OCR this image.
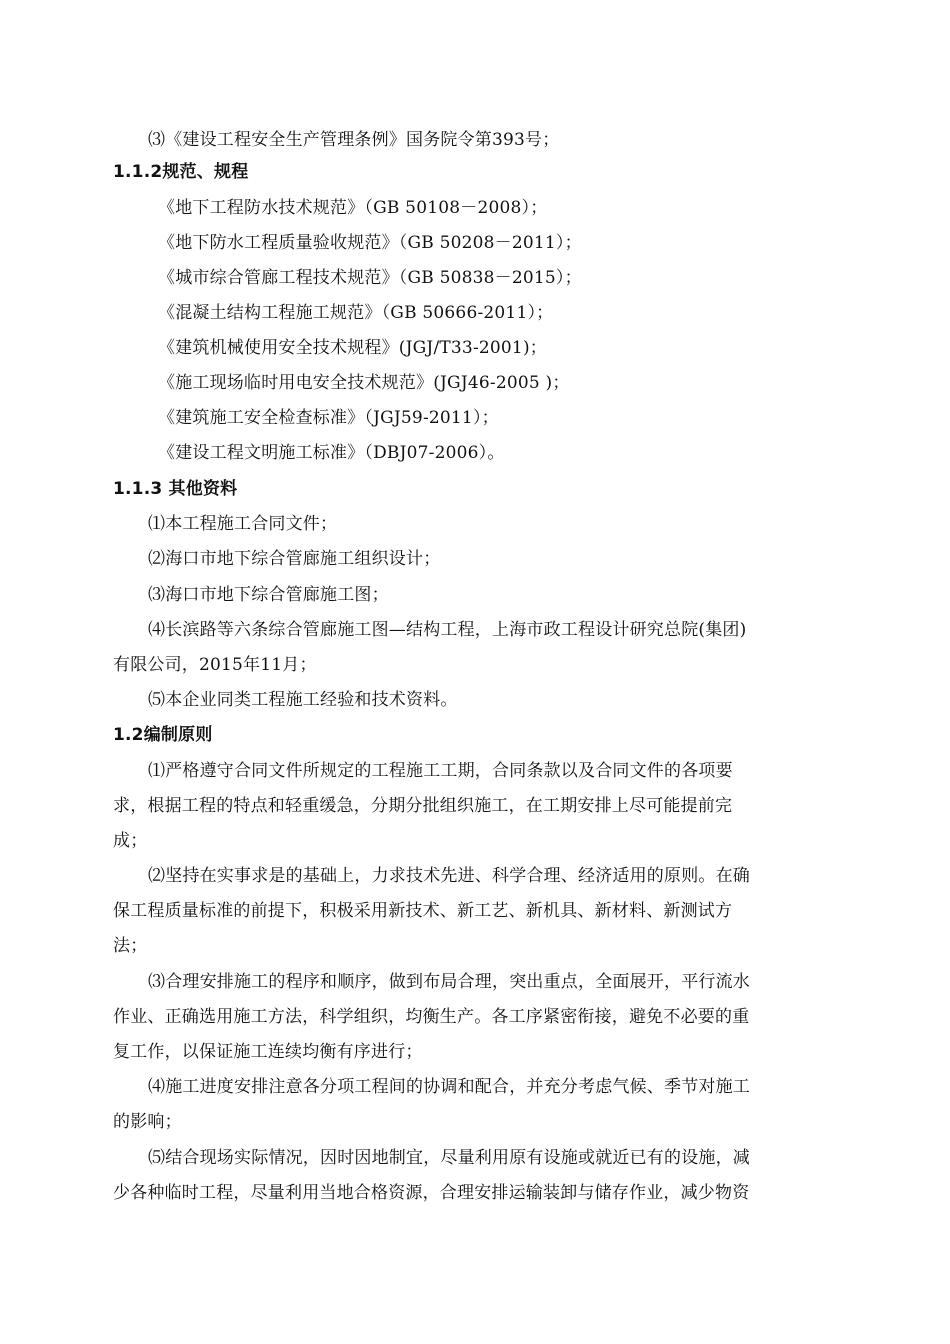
⑶《建设工程安全生产管理条例》国务院令第393号；
1.1.2规范、规程
《地下工程防水技术规范》（GB 50108－2008）；
《地下防水工程质量验收规范》（GB 50208－2011）；
《城市综合管廊工程技术规范》（GB 50838－2015）；
《混凝土结构工程施工规范》（GB 50666-2011）；
《建筑机械使用安全技术规程》(JGJ/T33-2001)；
《施工现场临时用电安全技术规范》(JGJ46-2005 )；
《建筑施工安全检查标准》（JGJ59-2011）；
《建设工程文明施工标准》（DBJ07-2006）。
1.1.3 其他资料
⑴本工程施工合同文件；
⑵海口市地下综合管廊施工组织设计；
⑶海口市地下综合管廊施工图；
⑷长滨路等六条综合管廊施工图—结构工程，上海市政工程设计研究总院(集团)
有限公司，2015年11月；
⑸本企业同类工程施工经验和技术资料。
1.2编制原则
⑴严格遵守合同文件所规定的工程施工工期，合同条款以及合同文件的各项要
求，根据工程的特点和轻重缓急，分期分批组织施工，在工期安排上尽可能提前完
成；
⑵坚持在实事求是的基础上，力求技术先进、科学合理、经济适用的原则。在确
保工程质量标准的前提下，积极采用新技术、新工艺、新机具、新材料、新测试方
法；
⑶合理安排施工的程序和顺序，做到布局合理，突出重点，全面展开，平行流水
作业、正确选用施工方法，科学组织，均衡生产。各工序紧密衔接，避免不必要的重
复工作，以保证施工连续均衡有序进行；
⑷施工进度安排注意各分项工程间的协调和配合，并充分考虑气候、季节对施工
的影响；
⑸结合现场实际情况，因时因地制宜，尽量利用原有设施或就近已有的设施，减
少各种临时工程，尽量利用当地合格资源，合理安排运输装卸与储存作业，减少物资
